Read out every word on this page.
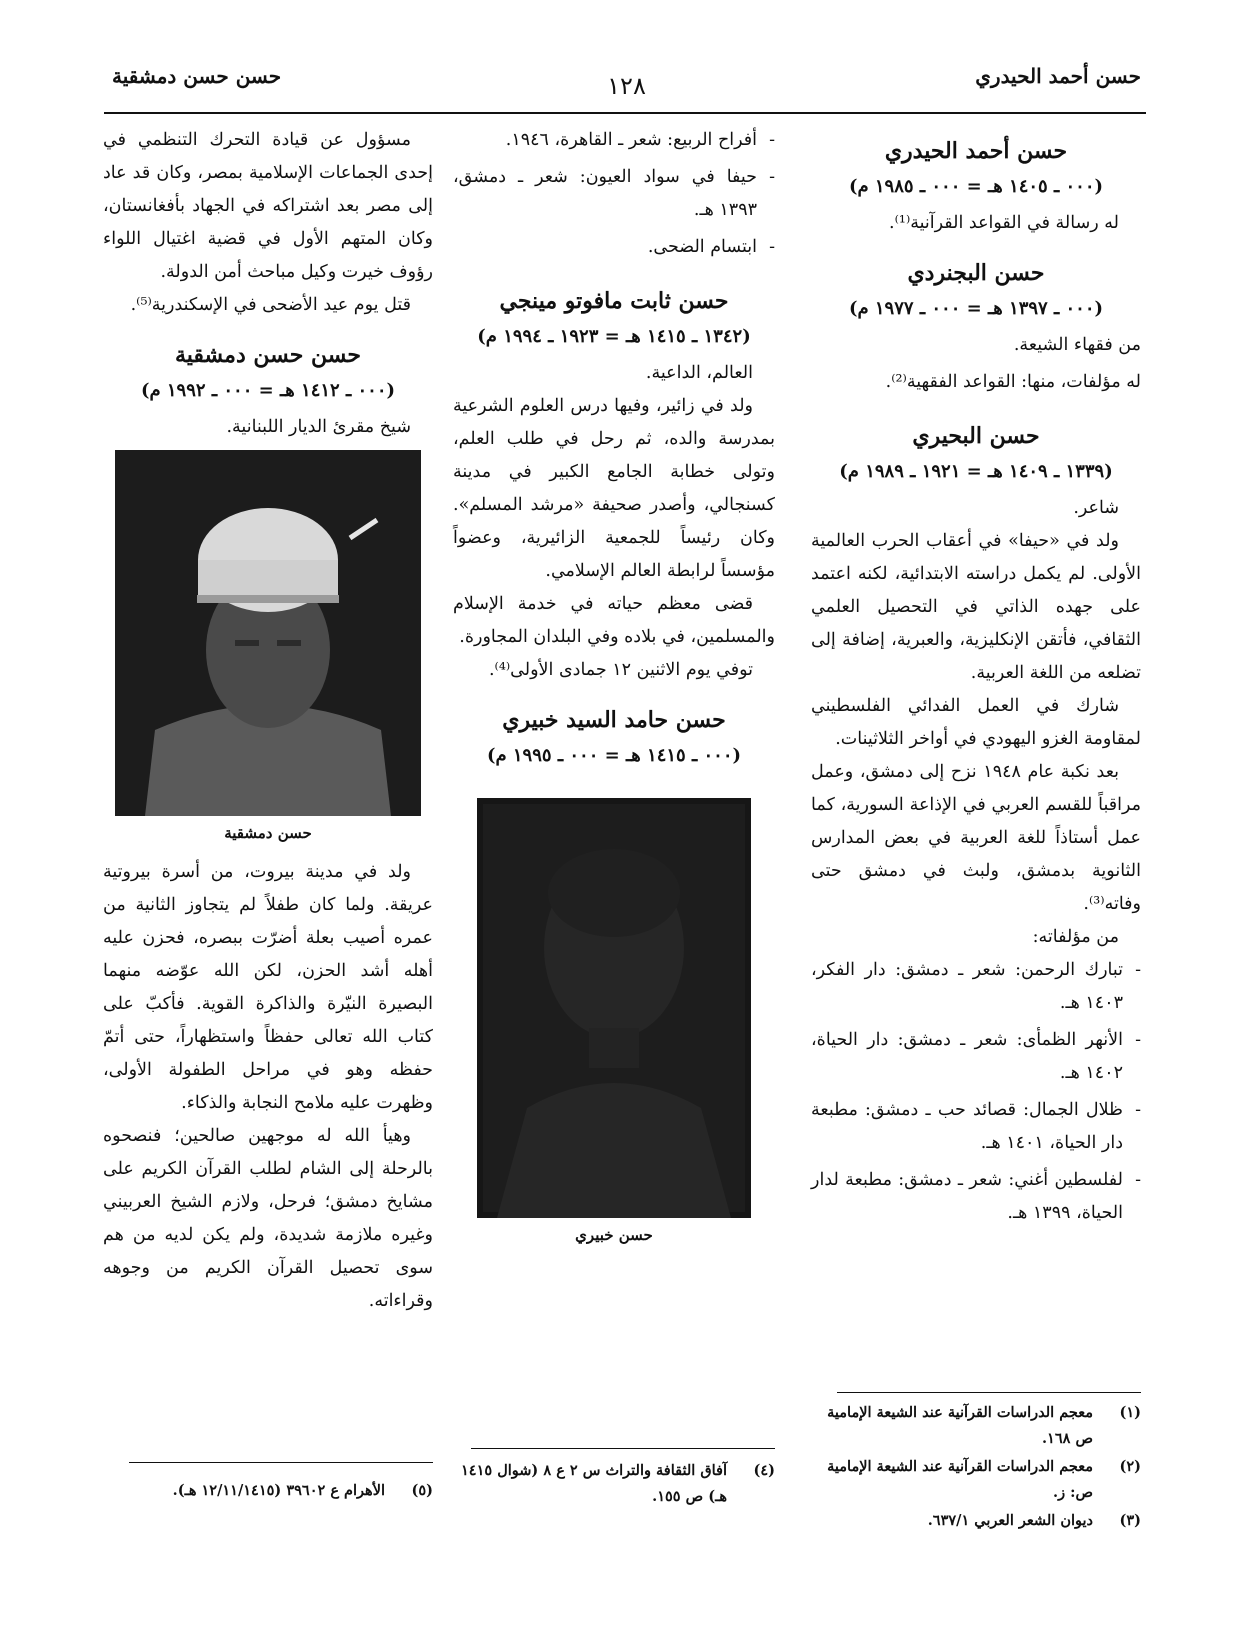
حسن أحمد الحيدري
١٢٨
حسن حسن دمشقية
حسن أحمد الحيدري
(٠٠٠ ـ ١٤٠٥ هـ = ٠٠٠ ـ ١٩٨٥ م)

له رسالة في القواعد القرآنية⁽¹⁾.

حسن البجنردي
(٠٠٠ ـ ١٣٩٧ هـ = ٠٠٠ ـ ١٩٧٧ م)

من فقهاء الشيعة.

له مؤلفات، منها: القواعد الفقهية⁽²⁾.

حسن البحيري
(١٣٣٩ ـ ١٤٠٩ هـ = ١٩٢١ ـ ١٩٨٩ م)

شاعر.

ولد في «حيفا» في أعقاب الحرب العالمية الأولى. لم يكمل دراسته الابتدائية، لكنه اعتمد على جهده الذاتي في التحصيل العلمي الثقافي، فأتقن الإنكليزية، والعبرية، إضافة إلى تضلعه من اللغة العربية.

شارك في العمل الفدائي الفلسطيني لمقاومة الغزو اليهودي في أواخر الثلاثينات.

بعد نكبة عام ١٩٤٨ نزح إلى دمشق، وعمل مراقباً للقسم العربي في الإذاعة السورية، كما عمل أستاذاً للغة العربية في بعض المدارس الثانوية بدمشق، ولبث في دمشق حتى وفاته⁽³⁾.

من مؤلفاته:

- تبارك الرحمن: شعر ـ دمشق: دار الفكر، ١٤٠٣ هـ.
- الأنهر الظمأى: شعر ـ دمشق: دار الحياة، ١٤٠٢ هـ.
- ظلال الجمال: قصائد حب ـ دمشق: مطبعة دار الحياة، ١٤٠١ هـ.
- لفلسطين أغني: شعر ـ دمشق: مطبعة لدار الحياة، ١٣٩٩ هـ.
- أفراح الربيع: شعر ـ القاهرة، ١٩٤٦.
- حيفا في سواد العيون: شعر ـ دمشق، ١٣٩٣ هـ.
- ابتسام الضحى.
حسن ثابت مافوتو مينجي
(١٣٤٢ ـ ١٤١٥ هـ = ١٩٢٣ ـ ١٩٩٤ م)

العالم، الداعية.

ولد في زائير، وفيها درس العلوم الشرعية بمدرسة والده، ثم رحل في طلب العلم، وتولى خطابة الجامع الكبير في مدينة كسنجالي، وأصدر صحيفة «مرشد المسلم». وكان رئيساً للجمعية الزائيرية، وعضواً مؤسساً لرابطة العالم الإسلامي.

قضى معظم حياته في خدمة الإسلام والمسلمين، في بلاده وفي البلدان المجاورة.

توفي يوم الاثنين ١٢ جمادى الأولى⁽⁴⁾.

حسن حامد السيد خبيري
(٠٠٠ ـ ١٤١٥ هـ = ٠٠٠ ـ ١٩٩٥ م)
حسن خبيري

مسؤول عن قيادة التحرك التنظمي في إحدى الجماعات الإسلامية بمصر، وكان قد عاد إلى مصر بعد اشتراكه في الجهاد بأفغانستان، وكان المتهم الأول في قضية اغتيال اللواء رؤوف خيرت وكيل مباحث أمن الدولة.

قتل يوم عيد الأضحى في الإسكندرية⁽⁵⁾.

حسن حسن دمشقية
(٠٠٠ ـ ١٤١٢ هـ = ٠٠٠ ـ ١٩٩٢ م)

شيخ مقرئ الديار اللبنانية.

حسن دمشقية

ولد في مدينة بيروت، من أسرة بيروتية عريقة. ولما كان طفلاً لم يتجاوز الثانية من عمره أصيب بعلة أضرّت ببصره، فحزن عليه أهله أشد الحزن، لكن الله عوّضه منهما البصيرة النيّرة والذاكرة القوية. فأكبّ على كتاب الله تعالى حفظاً واستظهاراً، حتى أتمّ حفظه وهو في مراحل الطفولة الأولى، وظهرت عليه ملامح النجابة والذكاء.

وهيأ الله له موجهين صالحين؛ فنصحوه بالرحلة إلى الشام لطلب القرآن الكريم على مشايخ دمشق؛ فرحل، ولازم الشيخ العربيني وغيره ملازمة شديدة، ولم يكن لديه من هم سوى تحصيل القرآن الكريم من وجوهه وقراءاته.

(١)
معجم الدراسات القرآنية عند الشيعة الإمامية ص ١٦٨.

(٢)
معجم الدراسات القرآنية عند الشيعة الإمامية ص: ز.

(٣)
ديوان الشعر العربي ٦٣٧/١.

(٤)
آفاق الثقافة والتراث س ٢ ع ٨ (شوال ١٤١٥ هـ) ص ١٥٥.

(٥)
الأهرام ع ٣٩٦٠٢ (١٢/١١/١٤١٥ هـ).
